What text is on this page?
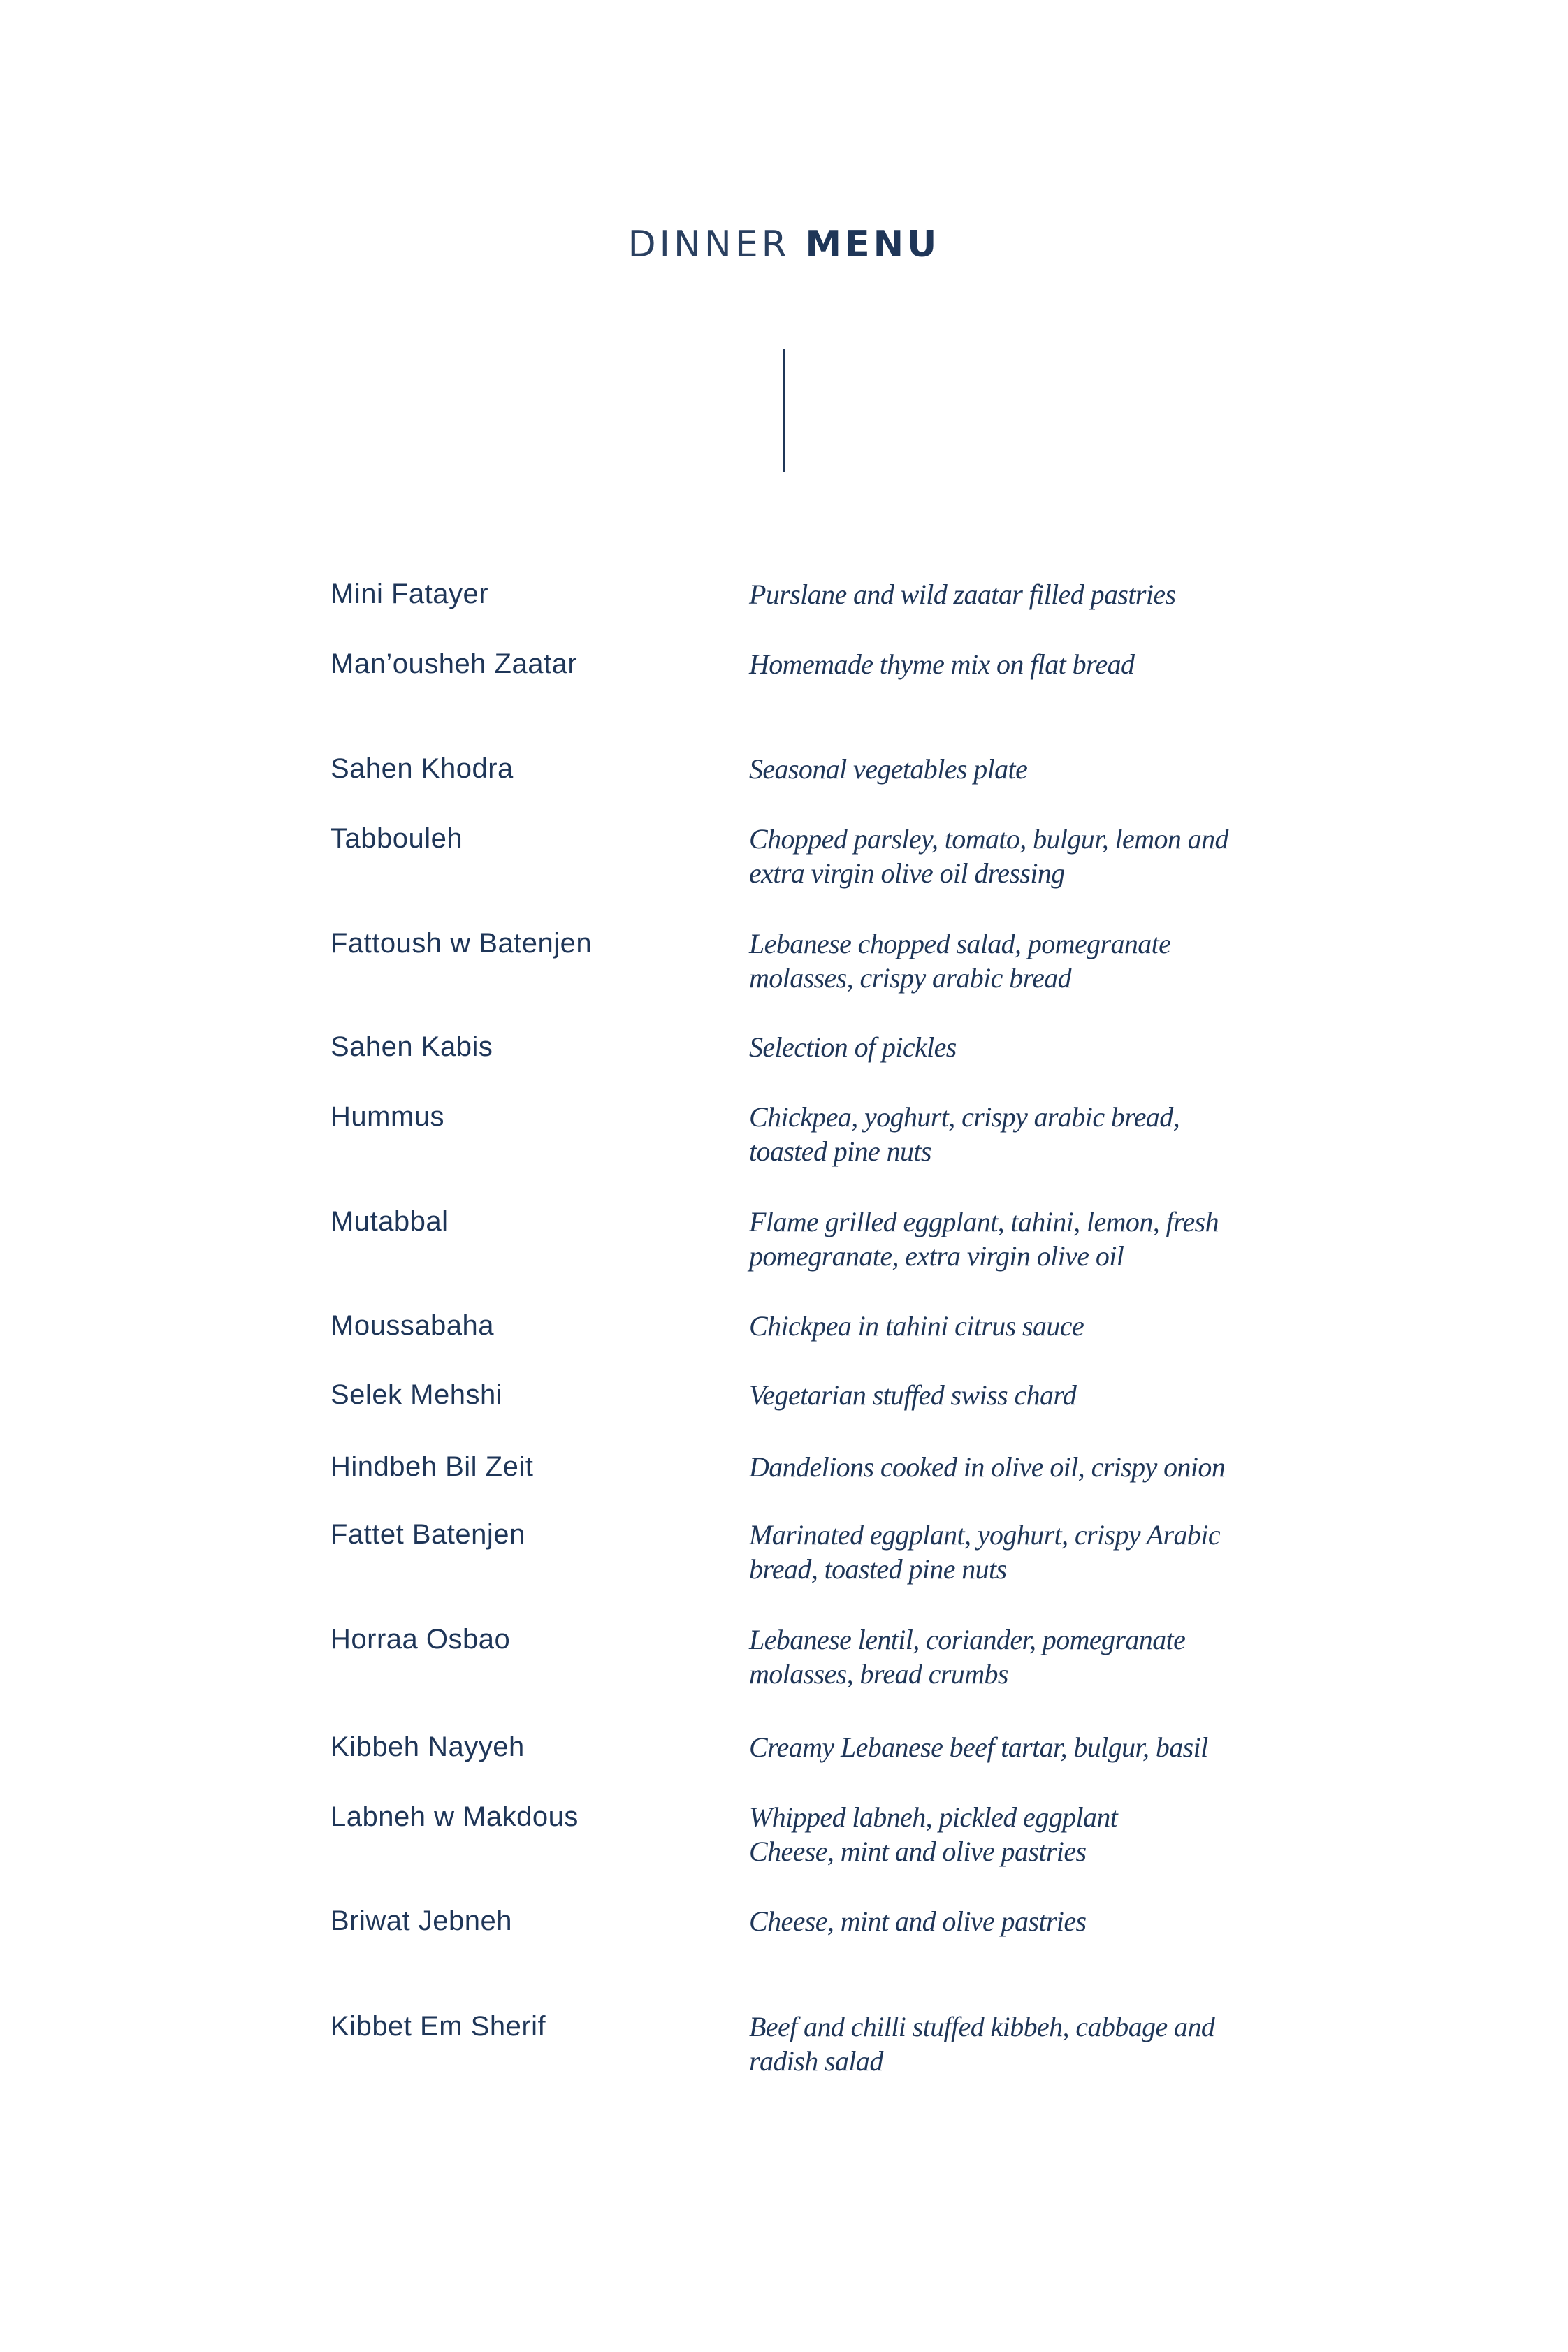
DINNER MENU
Mini Fatayer	Purslane and wild zaatar filled pastries
Man’ousheh Zaatar	Homemade thyme mix on flat bread
Sahen Khodra	Seasonal vegetables plate
Tabbouleh	Chopped parsley, tomato, bulgur, lemon and
extra virgin olive oil dressing
Fattoush w Batenjen	Lebanese chopped salad, pomegranate
molasses, crispy arabic bread
Sahen Kabis	Selection of pickles
Hummus	Chickpea, yoghurt, crispy arabic bread,
toasted pine nuts
Mutabbal	Flame grilled eggplant, tahini, lemon, fresh
pomegranate, extra virgin olive oil
Moussabaha	Chickpea in tahini citrus sauce
Selek Mehshi	Vegetarian stuffed swiss chard
Hindbeh Bil Zeit	Dandelions cooked in olive oil, crispy onion
Fattet Batenjen	Marinated eggplant, yoghurt, crispy Arabic
bread, toasted pine nuts
Horraa Osbao	Lebanese lentil, coriander, pomegranate
molasses, bread crumbs
Kibbeh Nayyeh	Creamy Lebanese beef tartar, bulgur, basil
Labneh w Makdous	Whipped labneh, pickled eggplant
Cheese, mint and olive pastries
Briwat Jebneh	Cheese, mint and olive pastries
Kibbet Em Sherif	Beef and chilli stuffed kibbeh, cabbage and
radish salad
